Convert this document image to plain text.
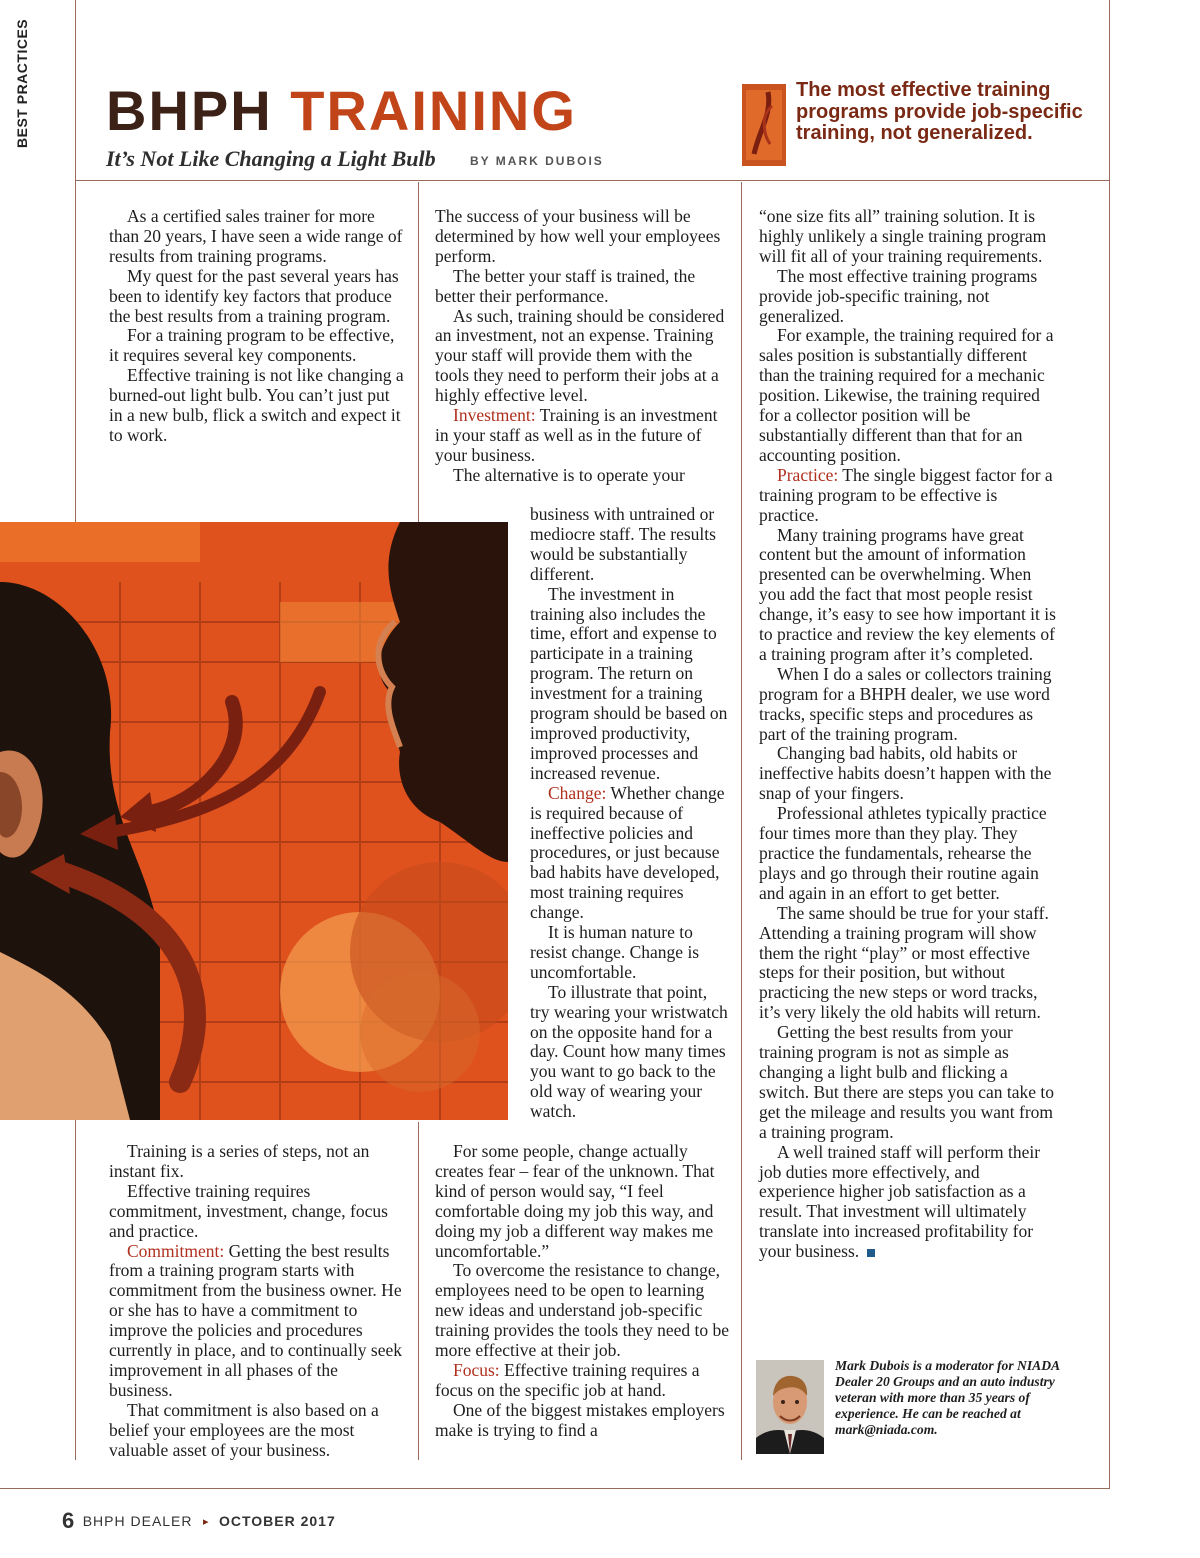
BEST PRACTICES BHPH TRAINING
It’s Not Like Changing a Light Bulb	BY MARK DUBOIS

The most effective training programs provide job-specific training, not generalized.

As a certified sales trainer for more than 20 years, I have seen a wide range of results from training programs.

My quest for the past several years has been to identify key factors that produce the best results from a training program.

For a training program to be effective, it requires several key components.

Effective training is not like changing a burned-out light bulb. You can’t just put in a new bulb, flick a switch and expect it to work.

The success of your business will be determined by how well your employees perform.

The better your staff is trained, the better their performance.

As such, training should be considered an investment, not an expense. Training your staff will provide them with the tools they need to perform their jobs at a highly effective level.

Investment: Training is an investment in your staff as well as in the future of your business.

The alternative is to operate your

business with untrained or mediocre staff. The results would be substantially different.

The investment in training also includes the time, effort and expense to participate in a training program. The return on investment for a training program should be based on improved productivity, improved processes and increased revenue.

Change: Whether change is required because of ineffective policies and procedures, or just because bad habits have developed, most training requires change.

It is human nature to resist change. Change is uncomfortable.

To illustrate that point, try wearing your wristwatch on the opposite hand for a day. Count how many times you want to go back to the old way of wearing your watch.

Training is a series of steps, not an instant fix.

Effective training requires commitment, investment, change, focus and practice.

Commitment: Getting the best results from a training program starts with commitment from the business owner. He or she has to have a commitment to improve the policies and procedures currently in place, and to continually seek improvement in all phases of the business.

That commitment is also based on a belief your employees are the most valuable asset of your business.

For some people, change actually creates fear – fear of the unknown. That kind of person would say, “I feel comfortable doing my job this way, and doing my job a different way makes me uncomfortable.”

To overcome the resistance to change, employees need to be open to learning new ideas and understand job-specific training provides the tools they need to be more effective at their job.

Focus: Effective training requires a focus on the specific job at hand.

One of the biggest mistakes employers make is trying to find a

“one size fits all” training solution. It is highly unlikely a single training program will fit all of your training requirements.

The most effective training programs provide job-specific training, not generalized.

For example, the training required for a sales position is substantially different than the training required for a mechanic position. Likewise, the training required for a collector position will be substantially different than that for an accounting position.

Practice: The single biggest factor for a training program to be effective is practice.

Many training programs have great content but the amount of information presented can be overwhelming. When you add the fact that most people resist change, it’s easy to see how important it is to practice and review the key elements of a training program after it’s completed.

When I do a sales or collectors training program for a BHPH dealer, we use word tracks, specific steps and procedures as part of the training program.

Changing bad habits, old habits or ineffective habits doesn’t happen with the snap of your fingers.

Professional athletes typically practice four times more than they play. They practice the fundamentals, rehearse the plays and go through their routine again and again in an effort to get better.

The same should be true for your staff. Attending a training program will show them the right “play” or most effective steps for their position, but without practicing the new steps or word tracks, it’s very likely the old habits will return.

Getting the best results from your training program is not as simple as changing a light bulb and flicking a switch. But there are steps you can take to get the mileage and results you want from a training program.

A well trained staff will perform their job duties more effectively, and experience higher job satisfaction as a result. That investment will ultimately translate into increased profitability for your business.

Mark Dubois is a moderator for NIADA Dealer 20 Groups and an auto industry veteran with more than 35 years of experience. He can be reached at mark@niada.com.
6 BHPH DEALER ▸ OCTOBER 2017
